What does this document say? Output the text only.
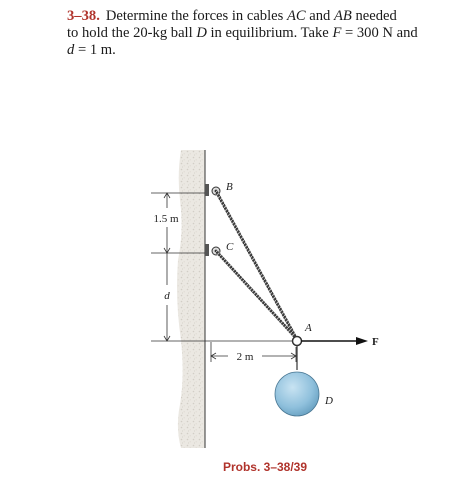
3–38. Determine the forces in cables AC and AB needed
to hold the 20-kg ball D in equilibrium. Take F = 300 N and
d = 1 m.
1.5 m
d
2 m
B
C
A
F
D
Probs. 3–38/39
